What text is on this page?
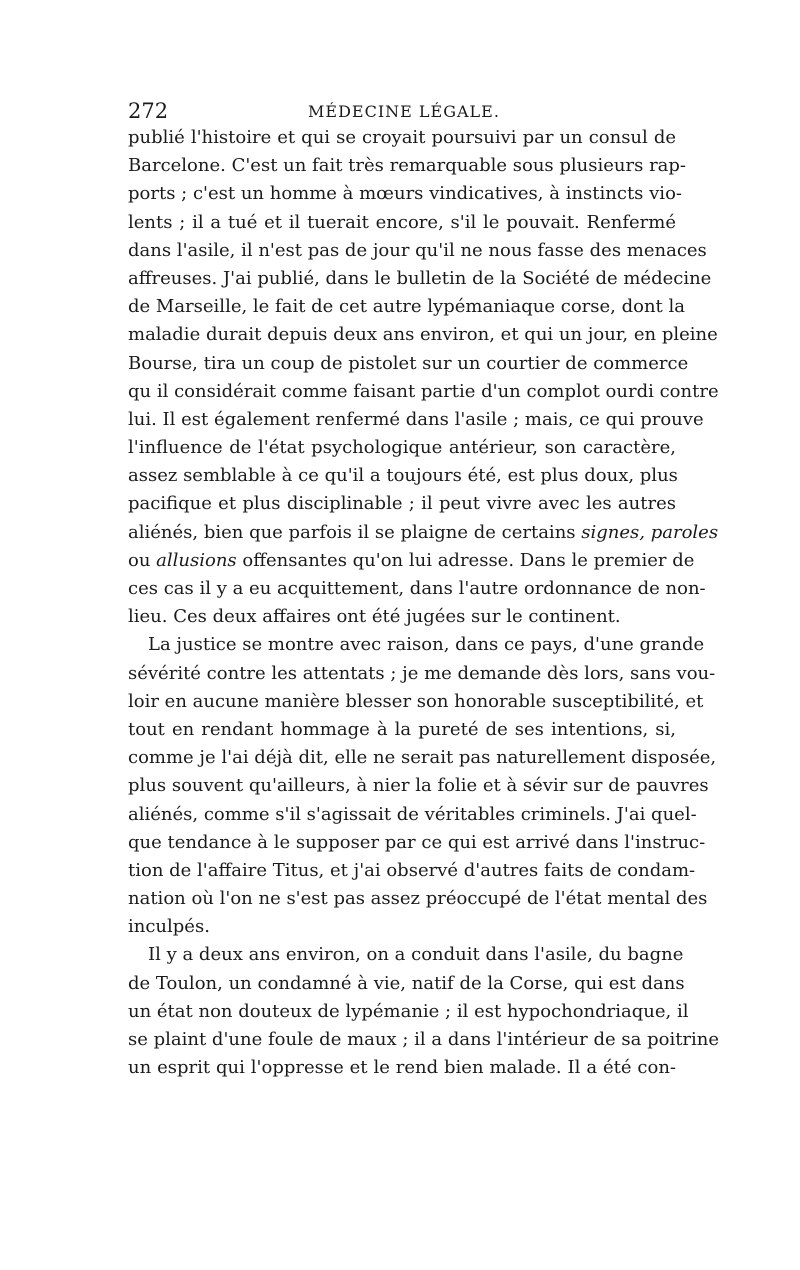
272	MÉDECINE LÉGALE.
publié l'histoire et qui se croyait poursuivi par un consul de
Barcelone. C'est un fait très remarquable sous plusieurs rap-
ports ; c'est un homme à mœurs vindicatives, à instincts vio-
lents ; il a tué et il tuerait encore, s'il le pouvait. Renfermé
dans l'asile, il n'est pas de jour qu'il ne nous fasse des menaces
affreuses. J'ai publié, dans le bulletin de la Société de médecine
de Marseille, le fait de cet autre lypémaniaque corse, dont la
maladie durait depuis deux ans environ, et qui un jour, en pleine
Bourse, tira un coup de pistolet sur un courtier de commerce
qu il considérait comme faisant partie d'un complot ourdi contre
lui. Il est également renfermé dans l'asile ; mais, ce qui prouve
l'influence de l'état psychologique antérieur, son caractère,
assez semblable à ce qu'il a toujours été, est plus doux, plus
pacifique et plus disciplinable ; il peut vivre avec les autres
aliénés, bien que parfois il se plaigne de certains signes, paroles
ou allusions offensantes qu'on lui adresse. Dans le premier de
ces cas il y a eu acquittement, dans l'autre ordonnance de non-
lieu. Ces deux affaires ont été jugées sur le continent.
La justice se montre avec raison, dans ce pays, d'une grande
sévérité contre les attentats ; je me demande dès lors, sans vou-
loir en aucune manière blesser son honorable susceptibilité, et
tout en rendant hommage à la pureté de ses intentions, si,
comme je l'ai déjà dit, elle ne serait pas naturellement disposée,
plus souvent qu'ailleurs, à nier la folie et à sévir sur de pauvres
aliénés, comme s'il s'agissait de véritables criminels. J'ai quel-
que tendance à le supposer par ce qui est arrivé dans l'instruc-
tion de l'affaire Titus, et j'ai observé d'autres faits de condam-
nation où l'on ne s'est pas assez préoccupé de l'état mental des
inculpés.
Il y a deux ans environ, on a conduit dans l'asile, du bagne
de Toulon, un condamné à vie, natif de la Corse, qui est dans
un état non douteux de lypémanie ; il est hypochondriaque, il
se plaint d'une foule de maux ; il a dans l'intérieur de sa poitrine
un esprit qui l'oppresse et le rend bien malade. Il a été con-
